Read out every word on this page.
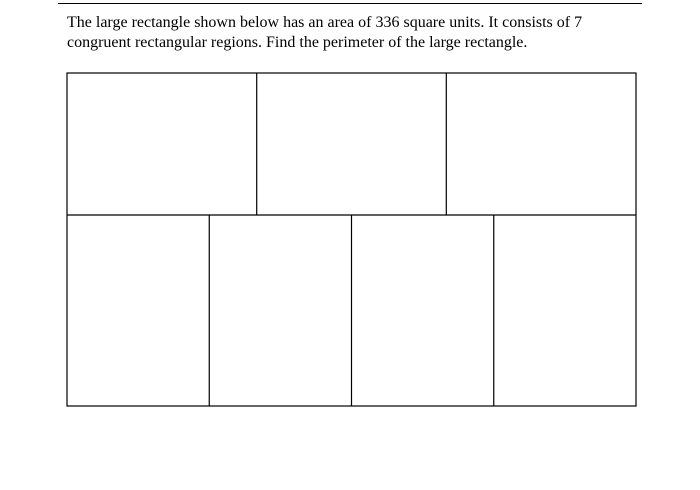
The large rectangle shown below has an area of 336 square units. It consists of 7
congruent rectangular regions. Find the perimeter of the large rectangle.
